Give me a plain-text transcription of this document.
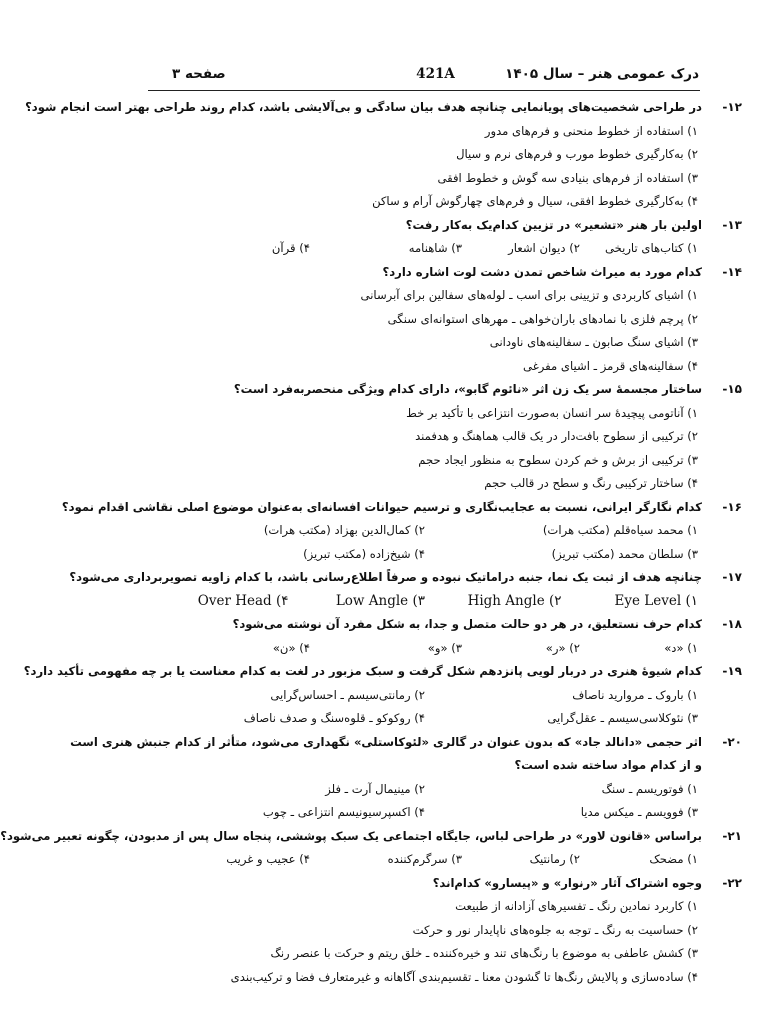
درک عمومی هنر – سال ۱۴۰۵
421A
صفحه ۳
۱۲-
در طراحی شخصیت‌های پویانمایی چنانچه هدف بیان سادگی و بی‌آلایشی باشد، کدام روند طراحی بهتر است انجام شود؟
۱) استفاده از خطوط منحنی و فرم‌های مدور
۲) به‌کارگیری خطوط مورب و فرم‌های نرم و سیال
۳) استفاده از فرم‌های بنیادی سه گوش و خطوط افقی
۴) به‌کارگیری خطوط افقی، سیال و فرم‌های چهارگوش آرام و ساکن
۱۳-
اولین بار هنر «تشعیر» در تزیین کدام‌یک به‌کار رفت؟
۱) کتاب‌های تاریخی
۲) دیوان اشعار
۳) شاهنامه
۴) قرآن
۱۴-
کدام مورد به میراث شاخص تمدن دشت لوت اشاره دارد؟
۱) اشیای کاربردی و تزیینی برای اسب ـ لوله‌های سفالین برای آبرسانی
۲) پرچم فلزی با نمادهای باران‌خواهی ـ مهرهای استوانه‌ای سنگی
۳) اشیای سنگ صابون ـ سفالینه‌های ناودانی
۴) سفالینه‌های قرمز ـ اشیای مفرغی
۱۵-
ساختار مجسمهٔ سر یک زن اثر «نائوم گابو»، دارای کدام ویژگی منحصربه‌فرد است؟
۱) آناتومی پیچیدهٔ سر انسان به‌صورت انتزاعی با تأکید بر خط
۲) ترکیبی از سطوح بافت‌دار در یک قالب هماهنگ و هدفمند
۳) ترکیبی از برش و خم کردن سطوح به منظور ایجاد حجم
۴) ساختار ترکیبی رنگ و سطح در قالب حجم
۱۶-
کدام نگارگر ایرانی، نسبت به عجایب‌نگاری و ترسیم حیوانات افسانه‌ای به‌عنوان موضوع اصلی نقاشی اقدام نمود؟
۱) محمد سیاه‌قلم (مکتب هرات)
۲) کمال‌الدین بهزاد (مکتب هرات)
۳) سلطان محمد (مکتب تبریز)
۴) شیخ‌زاده (مکتب تبریز)
۱۷-
چنانچه هدف از ثبت یک نما، جنبه دراماتیک نبوده و صرفاً اطلاع‌رسانی باشد، با کدام زاویه تصویربرداری می‌شود؟
Eye Level (۱
High Angle (۲
Low Angle (۳
Over Head (۴
۱۸-
کدام حرف نستعلیق، در هر دو حالت متصل و جدا، به شکل مفرد آن نوشته می‌شود؟
۱) «د»
۲) «ر»
۳) «و»
۴) «ن»
۱۹-
کدام شیوهٔ هنری در دربار لویی پانزدهم شکل گرفت و سبک مزبور در لغت به کدام معناست یا بر چه مفهومی تأکید دارد؟
۱) باروک ـ مروارید ناصاف
۲) رمانتی‌سیسم ـ احساس‌گرایی
۳) نئوکلاسی‌سیسم ـ عقل‌گرایی
۴) روکوکو ـ قلوه‌سنگ و صدف ناصاف
۲۰-
اثر حجمی «دانالد جاد» که بدون عنوان در گالری «لئوکاستلی» نگهداری می‌شود، متأثر از کدام جنبش هنری است
و از کدام مواد ساخته شده است؟
۱) فوتوریسم ـ سنگ
۲) مینیمال آرت ـ فلز
۳) فوویسم ـ میکس مدیا
۴) اکسپرسیونیسم انتزاعی ـ چوب
۲۱-
براساس «قانون لاور» در طراحی لباس، جایگاه اجتماعی یک سبک پوششی، پنجاه سال پس از مدبودن، چگونه تعبیر می‌شود؟
۱) مضحک
۲) رمانتیک
۳) سرگرم‌کننده
۴) عجیب و غریب
۲۲-
وجوه اشتراک آثار «رنوار» و «پیسارو» کدام‌اند؟
۱) کاربرد نمادین رنگ ـ تفسیرهای آزادانه از طبیعت
۲) حساسیت به رنگ ـ توجه به جلوه‌های ناپایدار نور و حرکت
۳) کشش عاطفی به موضوع با رنگ‌های تند و خیره‌کننده ـ خلق ریتم و حرکت با عنصر رنگ
۴) ساده‌سازی و پالایش رنگ‌ها تا گشودن معنا ـ تقسیم‌بندی آگاهانه و غیرمتعارف فضا و ترکیب‌بندی
